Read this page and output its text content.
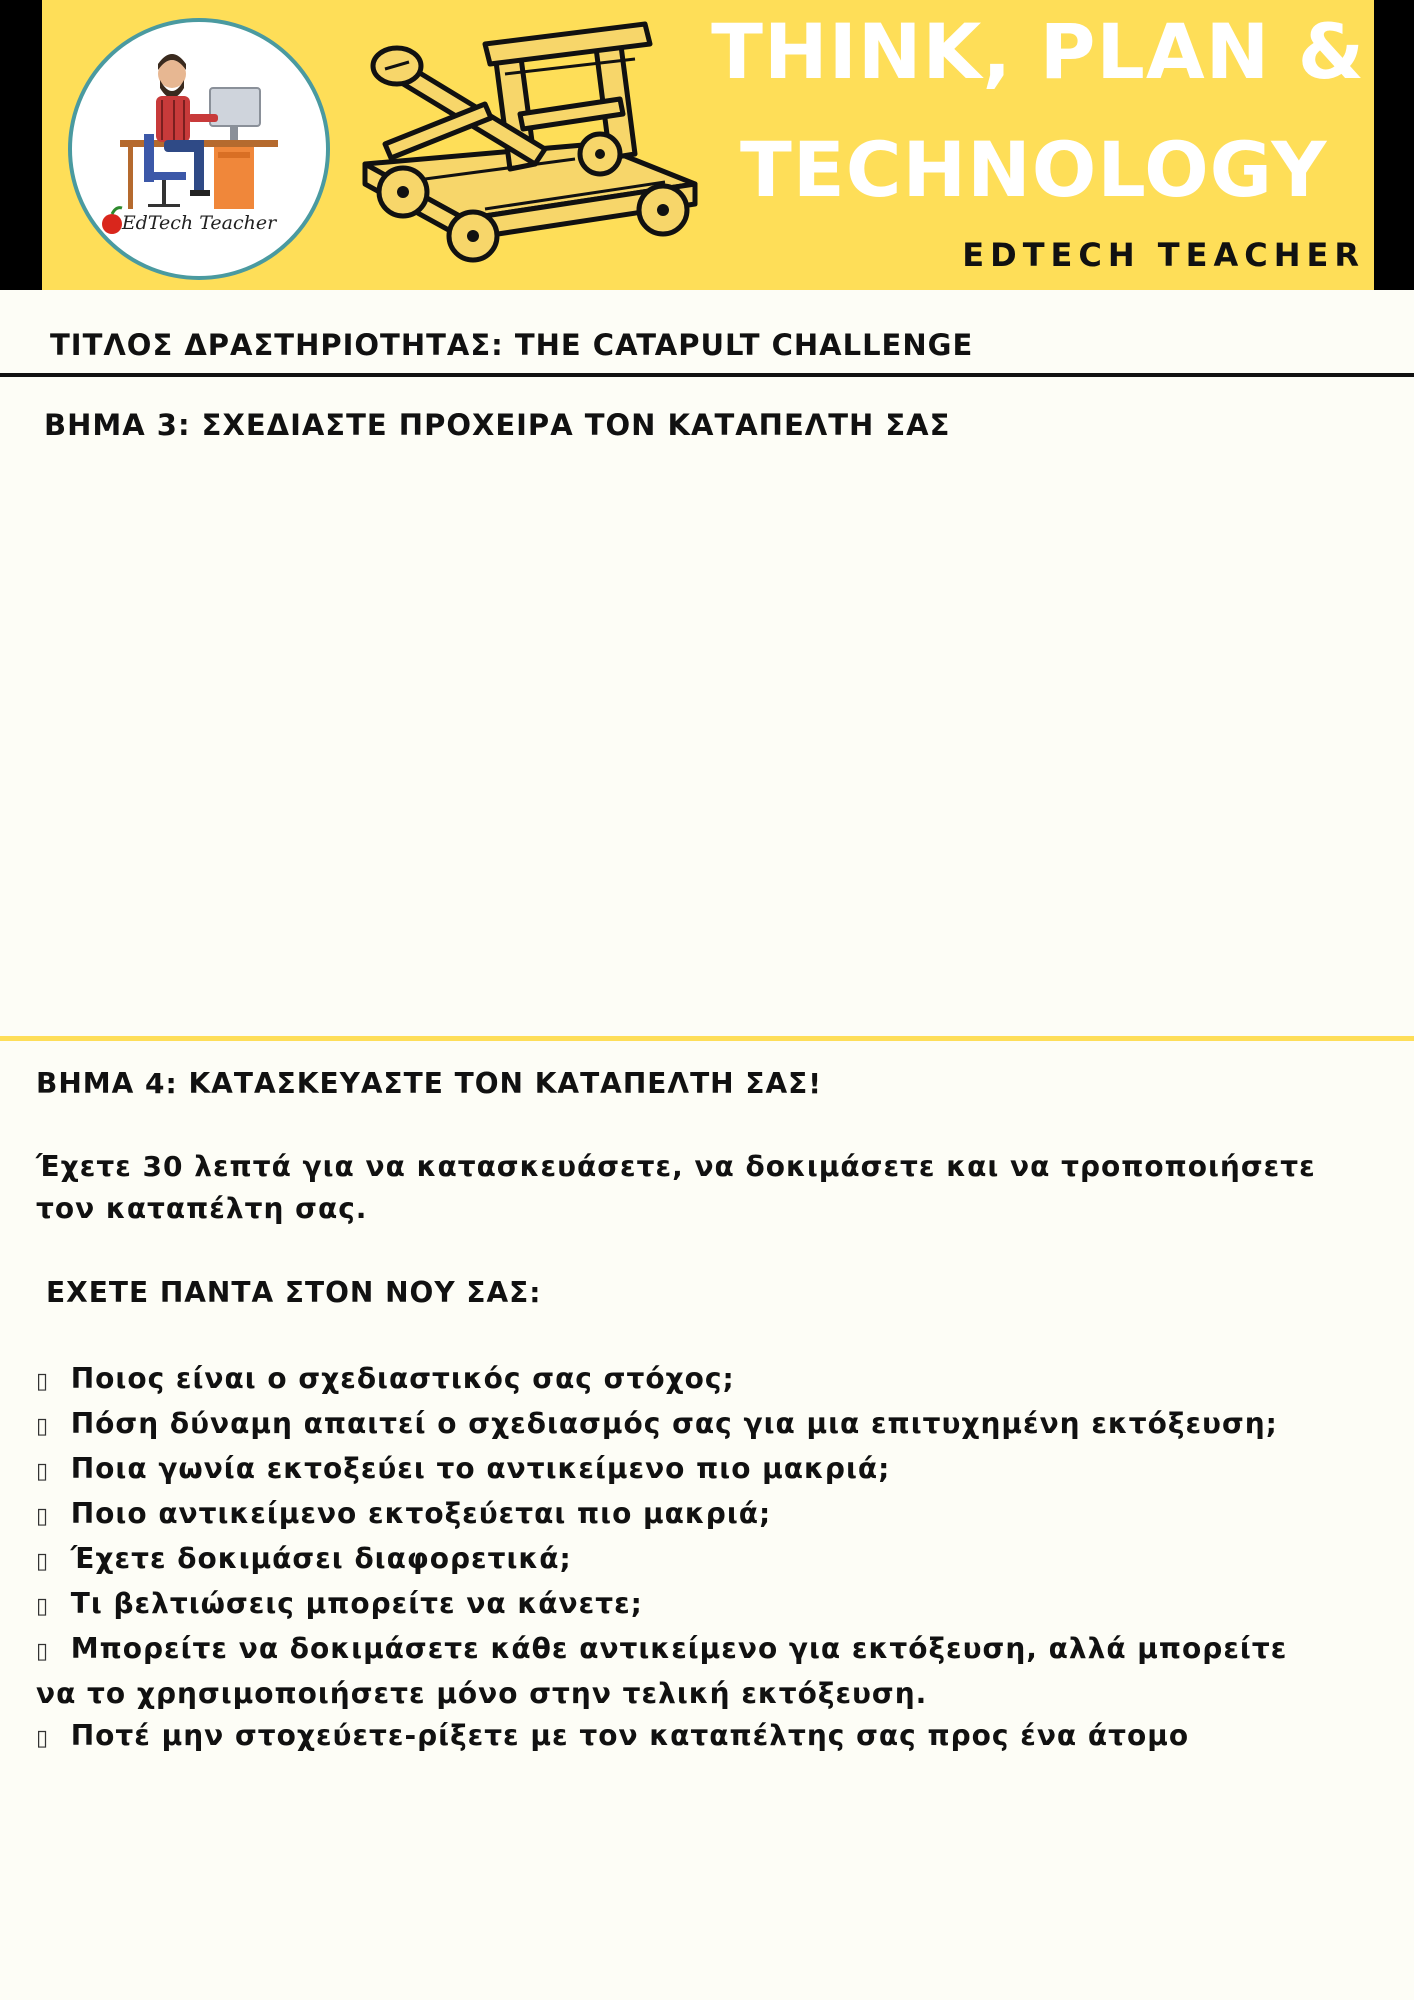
EdTech Teacher
THINK, PLAN &
TECHNOLOGY
EDTECH TEACHER
ΤΙΤΛΟΣ ΔΡΑΣΤΗΡΙΟΤΗΤΑΣ: THE CATAPULT CHALLENGE
ΒΗΜΑ 3: ΣΧΕΔΙΑΣΤΕ ΠΡΟΧΕΙΡΑ ΤΟΝ ΚΑΤΑΠΕΛΤΗ ΣΑΣ
ΒΗΜΑ 4: ΚΑΤΑΣΚΕΥΑΣΤΕ ΤΟΝ ΚΑΤΑΠΕΛΤΗ ΣΑΣ!
Έχετε 30 λεπτά για να κατασκευάσετε, να δοκιμάσετε και να τροποποιήσετε
τον καταπέλτη σας.
ΕΧΕΤΕ ΠΑΝΤΑ ΣΤΟΝ ΝΟΥ ΣΑΣ:
▯ Ποιος είναι ο σχεδιαστικός σας στόχος;
▯ Πόση δύναμη απαιτεί ο σχεδιασμός σας για μια επιτυχημένη εκτόξευση;
▯ Ποια γωνία εκτοξεύει το αντικείμενο πιο μακριά;
▯ Ποιο αντικείμενο εκτοξεύεται πιο μακριά;
▯ Έχετε δοκιμάσει διαφορετικά;
▯ Τι βελτιώσεις μπορείτε να κάνετε;
▯ Μπορείτε να δοκιμάσετε κάθε αντικείμενο για εκτόξευση, αλλά μπορείτε
να το χρησιμοποιήσετε μόνο στην τελική εκτόξευση.
▯ Ποτέ μην στοχεύετε-ρίξετε με τον καταπέλτης σας προς ένα άτομο
